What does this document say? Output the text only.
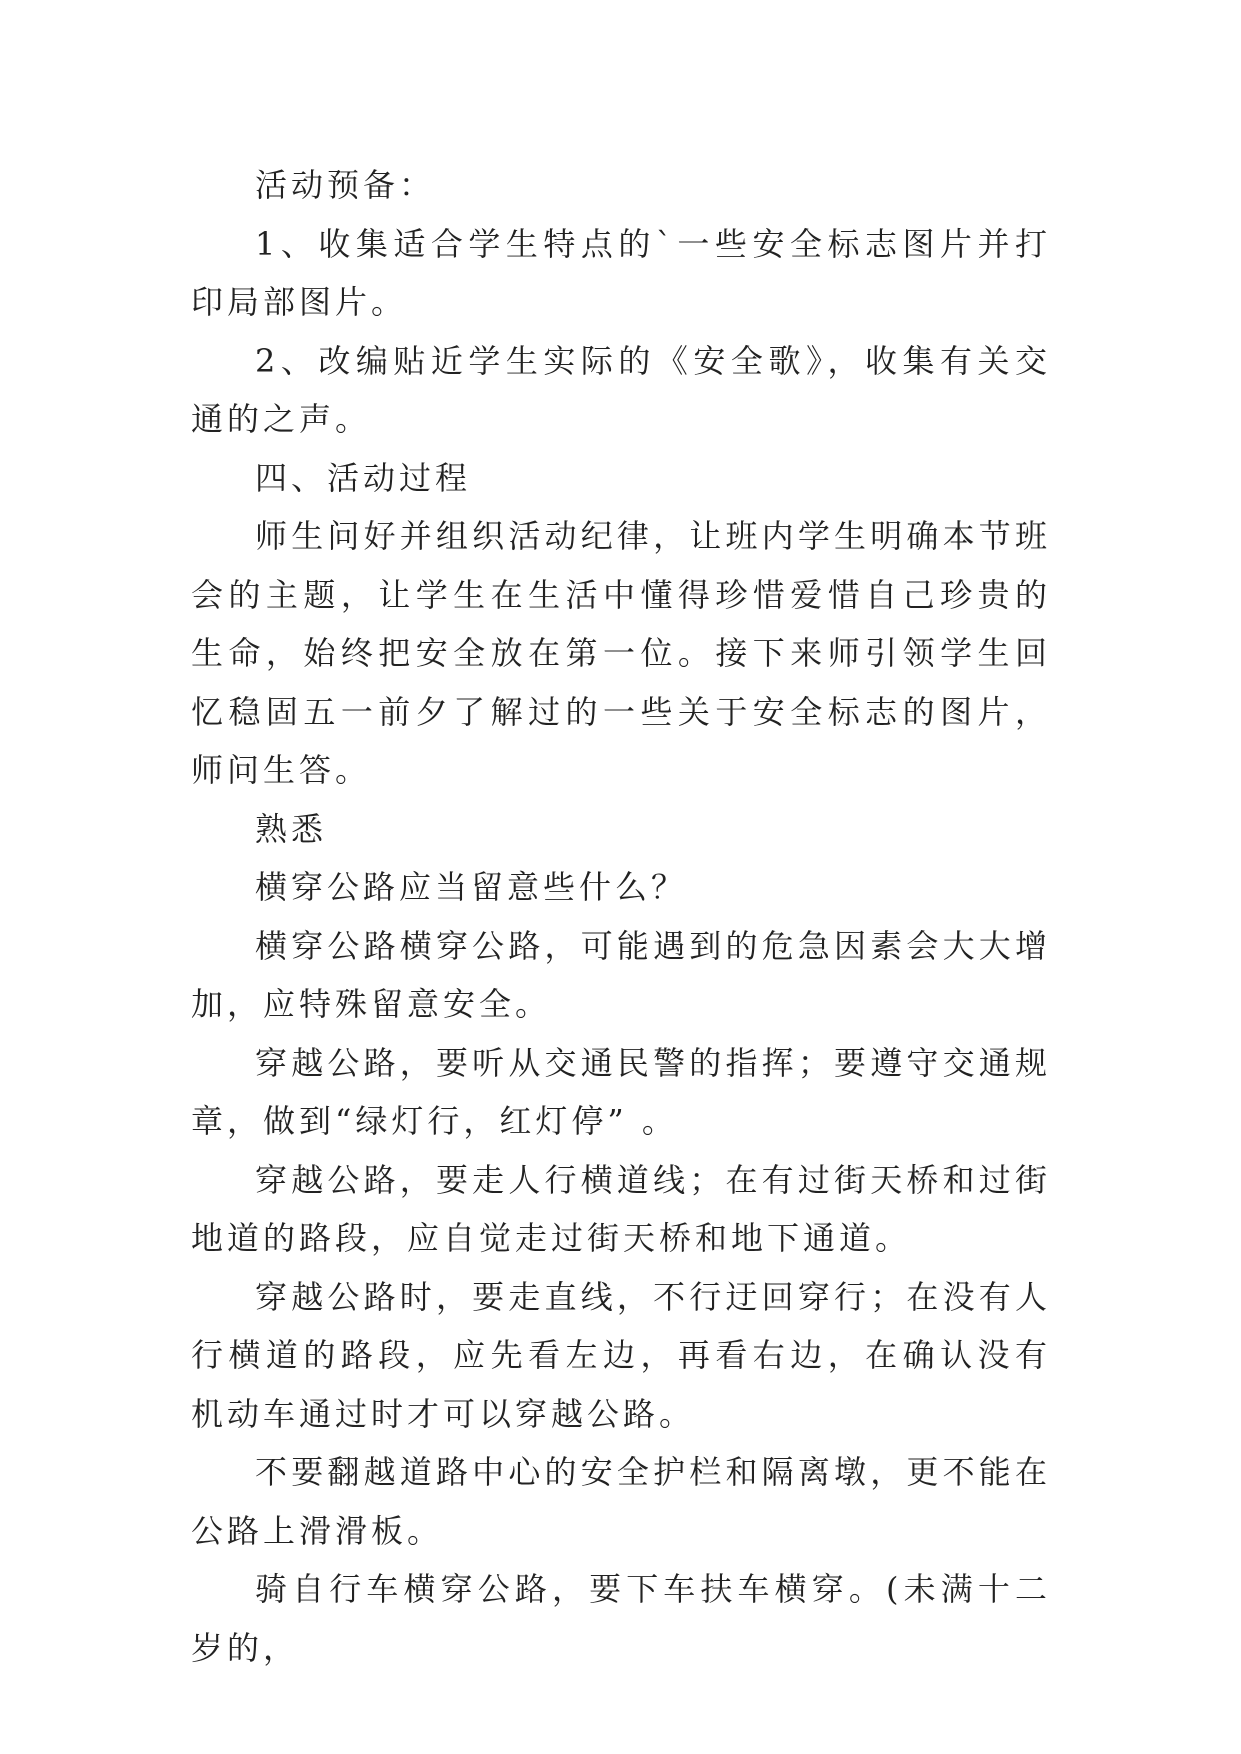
活动预备：

1、收集适合学生特点的`一些安全标志图片并打印局部图片。

2、改编贴近学生实际的《安全歌》，收集有关交通的之声。

四、活动过程

师生问好并组织活动纪律，让班内学生明确本节班会的主题，让学生在生活中懂得珍惜爱惜自己珍贵的生命，始终把安全放在第一位。接下来师引领学生回忆稳固五一前夕了解过的一些关于安全标志的图片，师问生答。

熟悉

横穿公路应当留意些什么？

横穿公路横穿公路，可能遇到的危急因素会大大增加，应特殊留意安全。

穿越公路，要听从交通民警的指挥；要遵守交通规章，做到“绿灯行，红灯停” 。

穿越公路，要走人行横道线；在有过街天桥和过街地道的路段，应自觉走过街天桥和地下通道。

穿越公路时，要走直线，不行迂回穿行；在没有人行横道的路段，应先看左边，再看右边，在确认没有机动车通过时才可以穿越公路。

不要翻越道路中心的安全护栏和隔离墩，更不能在公路上滑滑板。

骑自行车横穿公路，要下车扶车横穿。(未满十二岁的，
